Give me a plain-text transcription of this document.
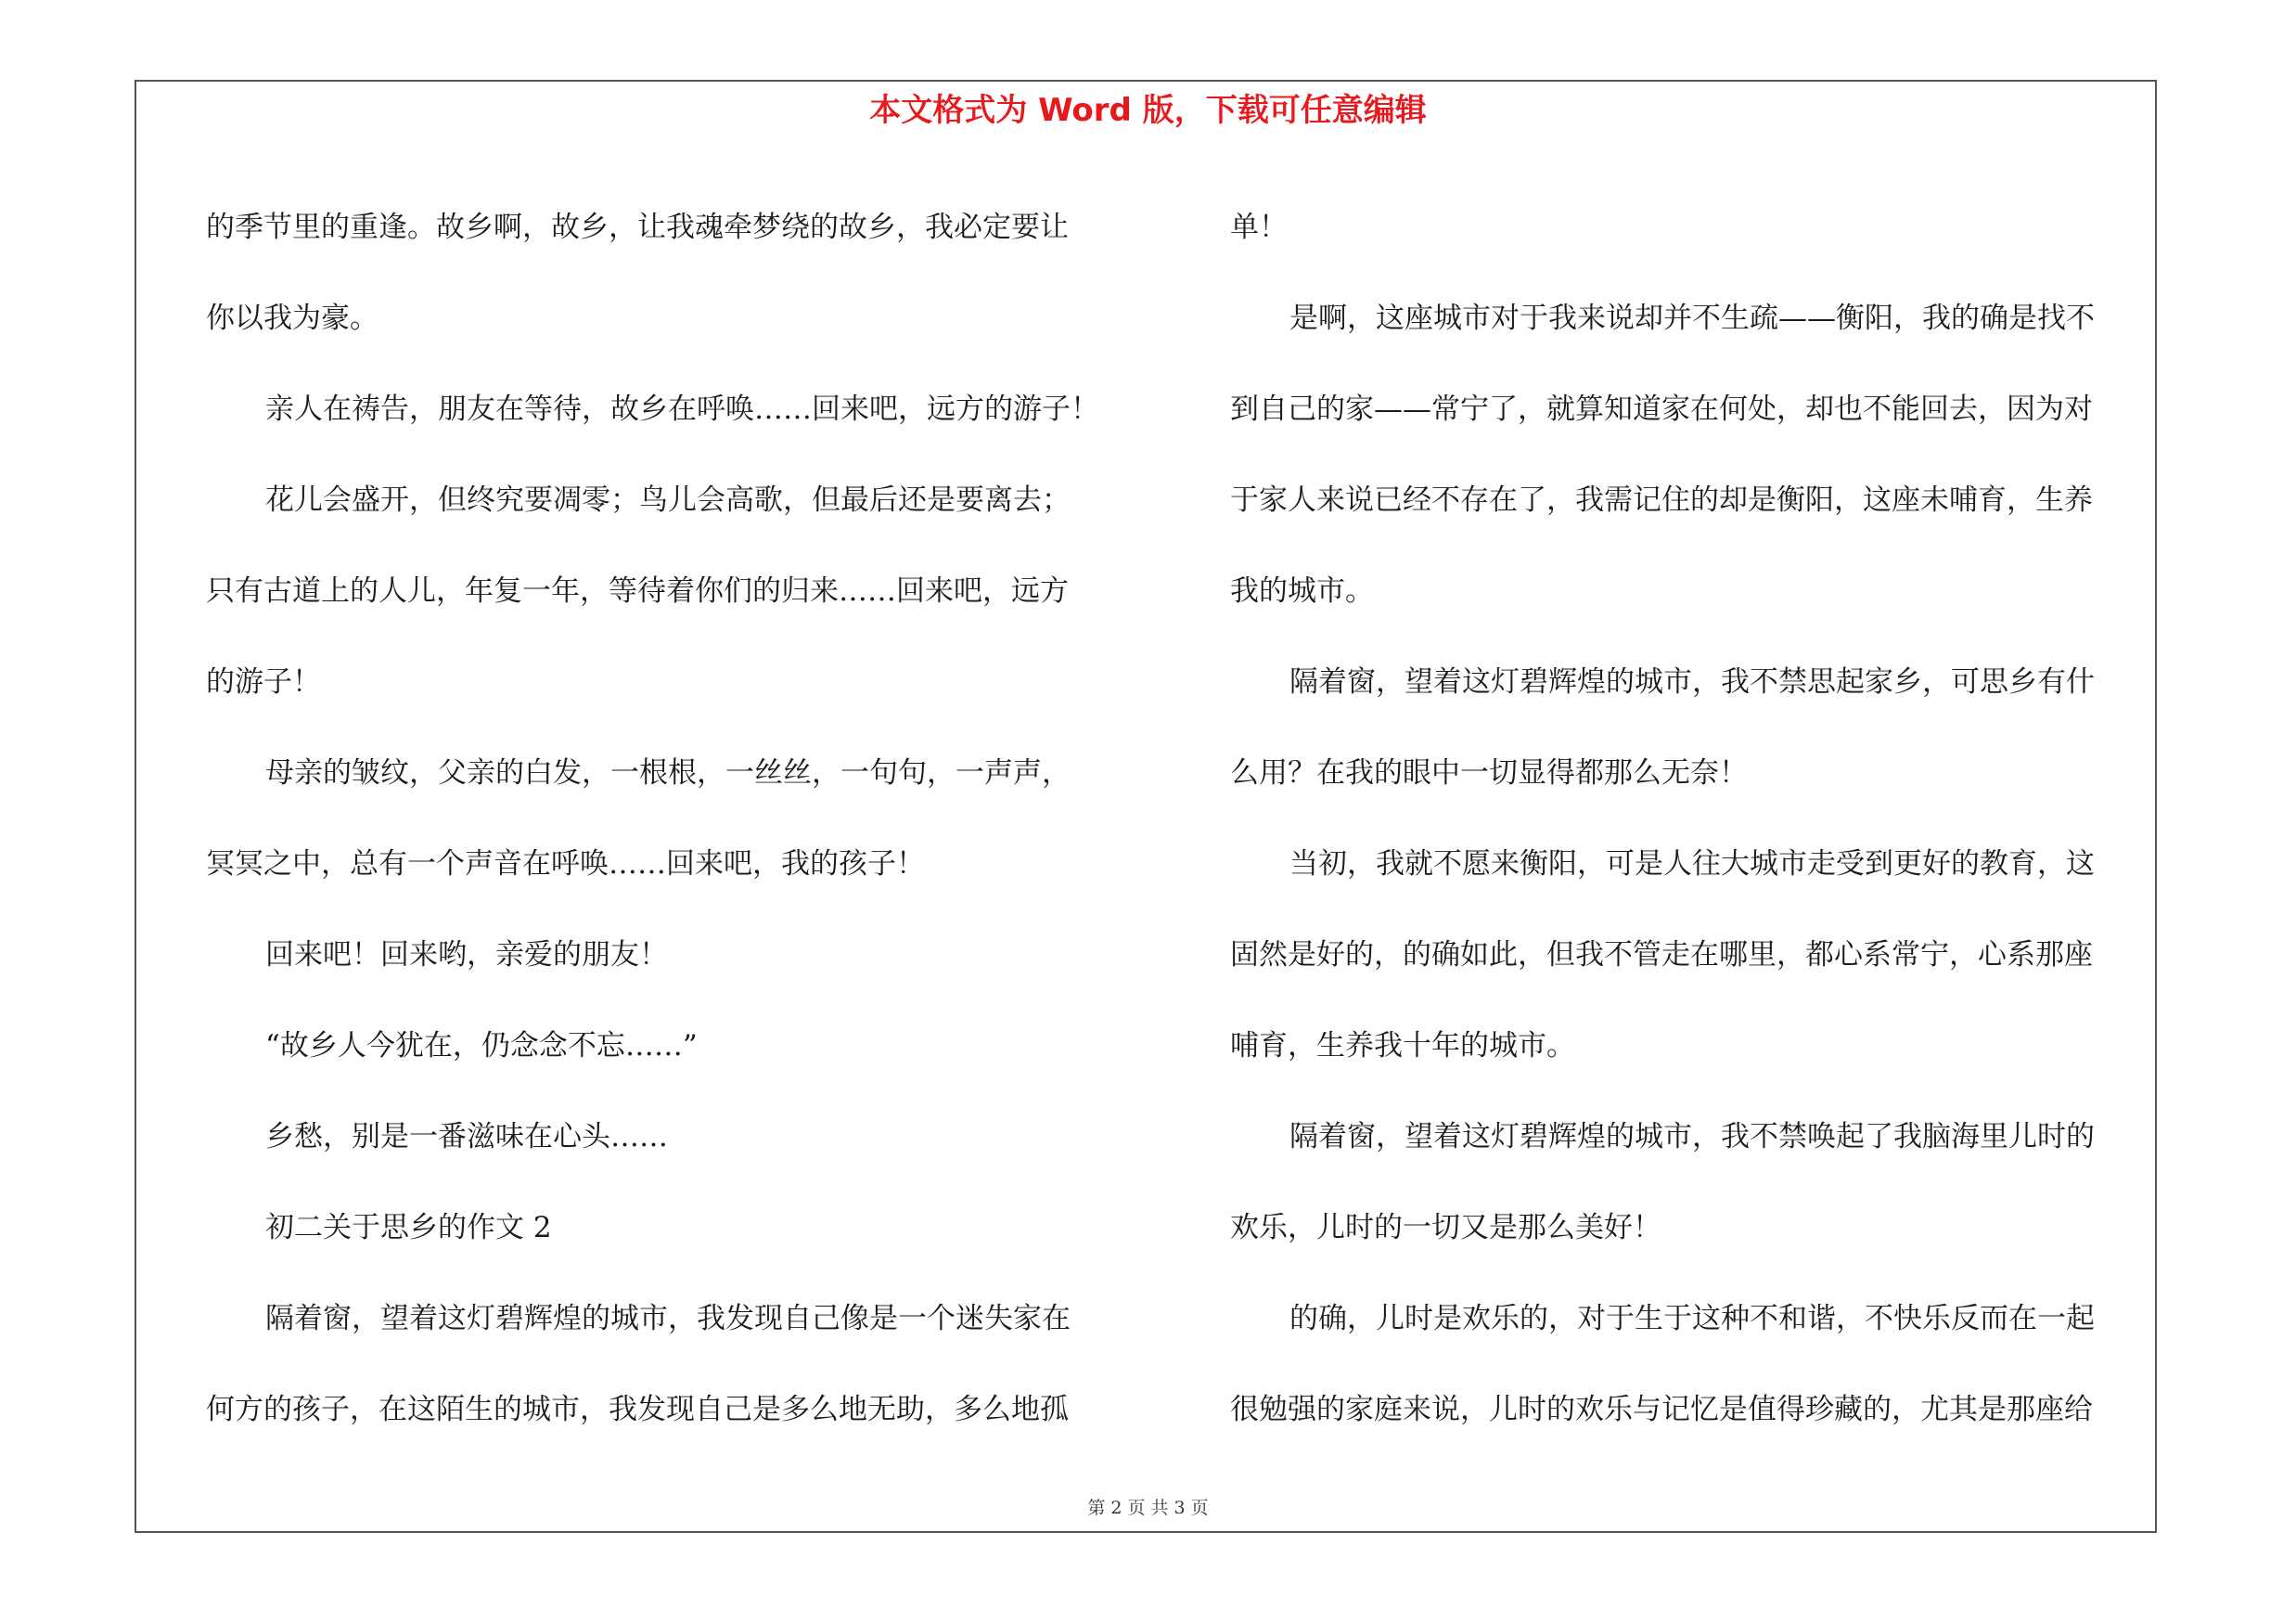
本文格式为 Word 版，下载可任意编辑

的季节里的重逢。故乡啊，故乡，让我魂牵梦绕的故乡，我必定要让

你以我为豪。

亲人在祷告，朋友在等待，故乡在呼唤……回来吧，远方的游子！

花儿会盛开，但终究要凋零；鸟儿会高歌，但最后还是要离去；

只有古道上的人儿，年复一年，等待着你们的归来……回来吧，远方

的游子！

母亲的皱纹，父亲的白发，一根根，一丝丝，一句句，一声声，

冥冥之中，总有一个声音在呼唤……回来吧，我的孩子！

回来吧！回来哟，亲爱的朋友！

“故乡人今犹在，仍念念不忘……”

乡愁，别是一番滋味在心头……

初二关于思乡的作文 2

隔着窗，望着这灯碧辉煌的城市，我发现自己像是一个迷失家在

何方的孩子，在这陌生的城市，我发现自己是多么地无助，多么地孤

单！

是啊，这座城市对于我来说却并不生疏——衡阳，我的确是找不

到自己的家——常宁了，就算知道家在何处，却也不能回去，因为对

于家人来说已经不存在了，我需记住的却是衡阳，这座未哺育，生养

我的城市。

隔着窗，望着这灯碧辉煌的城市，我不禁思起家乡，可思乡有什

么用？在我的眼中一切显得都那么无奈！

当初，我就不愿来衡阳，可是人往大城市走受到更好的教育，这

固然是好的，的确如此，但我不管走在哪里，都心系常宁，心系那座

哺育，生养我十年的城市。

隔着窗，望着这灯碧辉煌的城市，我不禁唤起了我脑海里儿时的

欢乐，儿时的一切又是那么美好！

的确，儿时是欢乐的，对于生于这种不和谐，不快乐反而在一起

很勉强的家庭来说，儿时的欢乐与记忆是值得珍藏的，尤其是那座给

第 2 页 共 3 页
